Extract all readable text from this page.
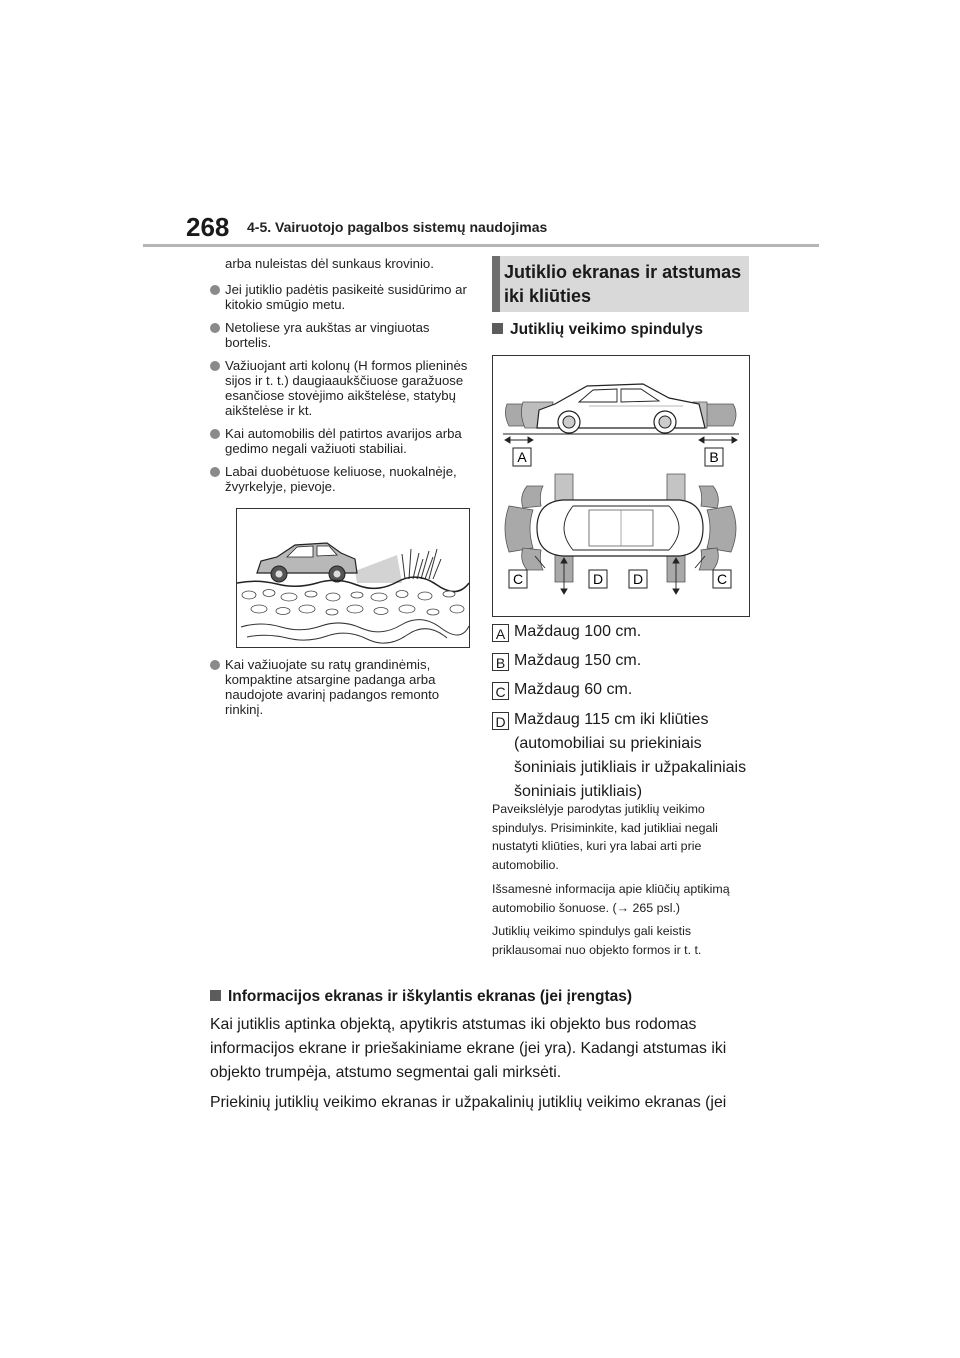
268 4-5. Vairuotojo pagalbos sistemų naudojimas
arba nuleistas dėl sunkaus krovinio.
Jei jutiklio padėtis pasikeitė susidūrimo ar kitokio smūgio metu.
Netoliese yra aukštas ar vingiuotas bortelis.
Važiuojant arti kolonų (H formos plieninės sijos ir t. t.) daugiaaukščiuose garažuose esančiose stovėjimo aikštelėse, statybų aikštelėse ir kt.
Kai automobilis dėl patirtos avarijos arba gedimo negali važiuoti stabiliai.
Labai duobėtuose keliuose, nuokalnėje, žvyrkelyje, pievoje.
Kai važiuojate su ratų grandinėmis, kompaktine atsargine padanga arba naudojote avarinį padangos remonto rinkinį.
Jutiklio ekranas ir atstumas iki kliūties
Jutiklių veikimo spindulys
A	B
C	D D	C
A Maždaug 100 cm.
B Maždaug 150 cm.
C Maždaug 60 cm.
D Maždaug 115 cm iki kliūties (automobiliai su priekiniais šoniniais jutikliais ir užpakaliniais šoniniais jutikliais)

Paveikslėlyje parodytas jutiklių veikimo spindulys. Prisiminkite, kad jutikliai negali nustatyti kliūties, kuri yra labai arti prie automobilio.

Išsamesnė informacija apie kliūčių aptikimą automobilio šonuose. (→ 265 psl.)

Jutiklių veikimo spindulys gali keistis priklausomai nuo objekto formos ir t. t.

Informacijos ekranas ir iškylantis ekranas (jei įrengtas)

Kai jutiklis aptinka objektą, apytikris atstumas iki objekto bus rodomas informacijos ekrane ir priešakiniame ekrane (jei yra). Kadangi atstumas iki objekto trumpėja, atstumo segmentai gali mirksėti.

Priekinių jutiklių veikimo ekranas ir užpakalinių jutiklių veikimo ekranas (jei
